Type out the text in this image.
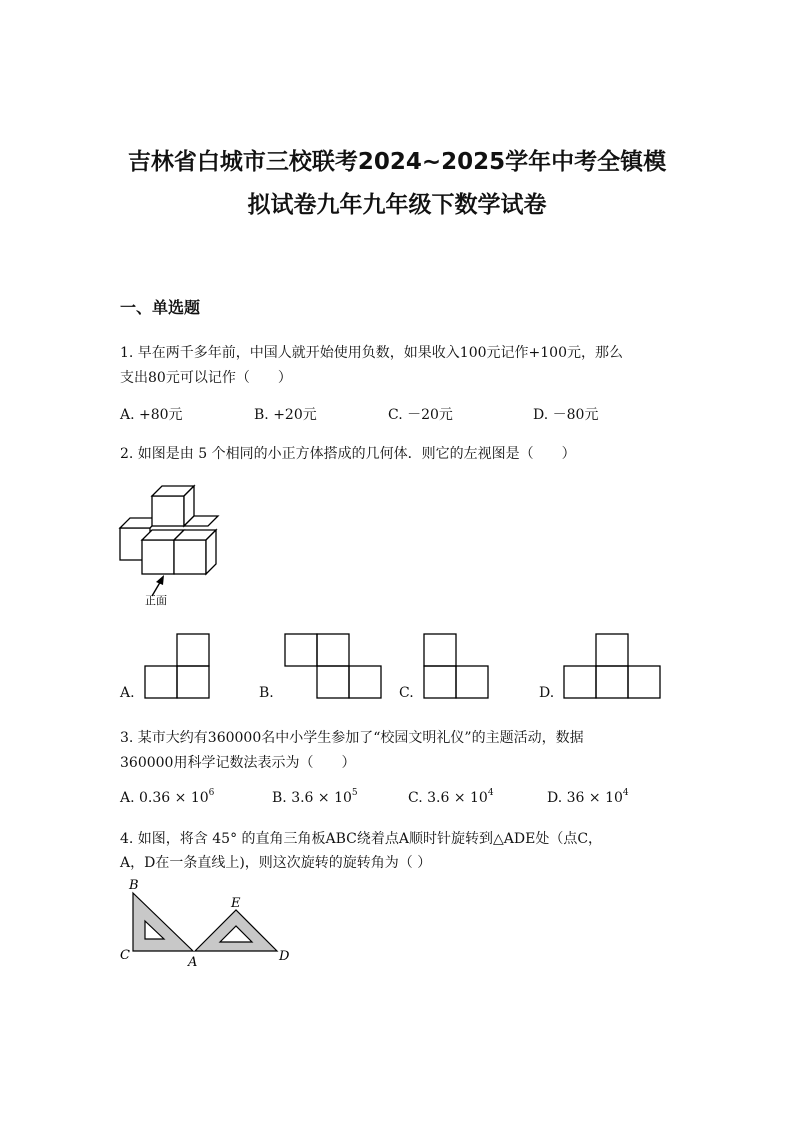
吉林省白城市三校联考2024~2025学年中考全镇模
拟试卷九年九年级下数学试卷
一、单选题
1. 早在两千多年前，中国人就开始使用负数，如果收入100元记作+100元，那么
支出80元可以记作（　　）
A. +80元	B. +20元	C. －20元	D. －80元
2. 如图是由 5 个相同的小正方体搭成的几何体．则它的左视图是（　　）
正面
A.	B.	C.	D.
3. 某市大约有360000名中小学生参加了“校园文明礼仪”的主题活动，数据
360000用科学记数法表示为（　　）
A. $0.36 \times 10^6$	B. $3.6 \times 10^5$	C. $3.6 \times 10^4$	D. $36 \times 10^4$
4. 如图，将含 45° 的直角三角板ABC绕着点A顺时针旋转到△ADE处（点C，
A，D在一条直线上)，则这次旋转的旋转角为（ ）
B
C	A
E
D
